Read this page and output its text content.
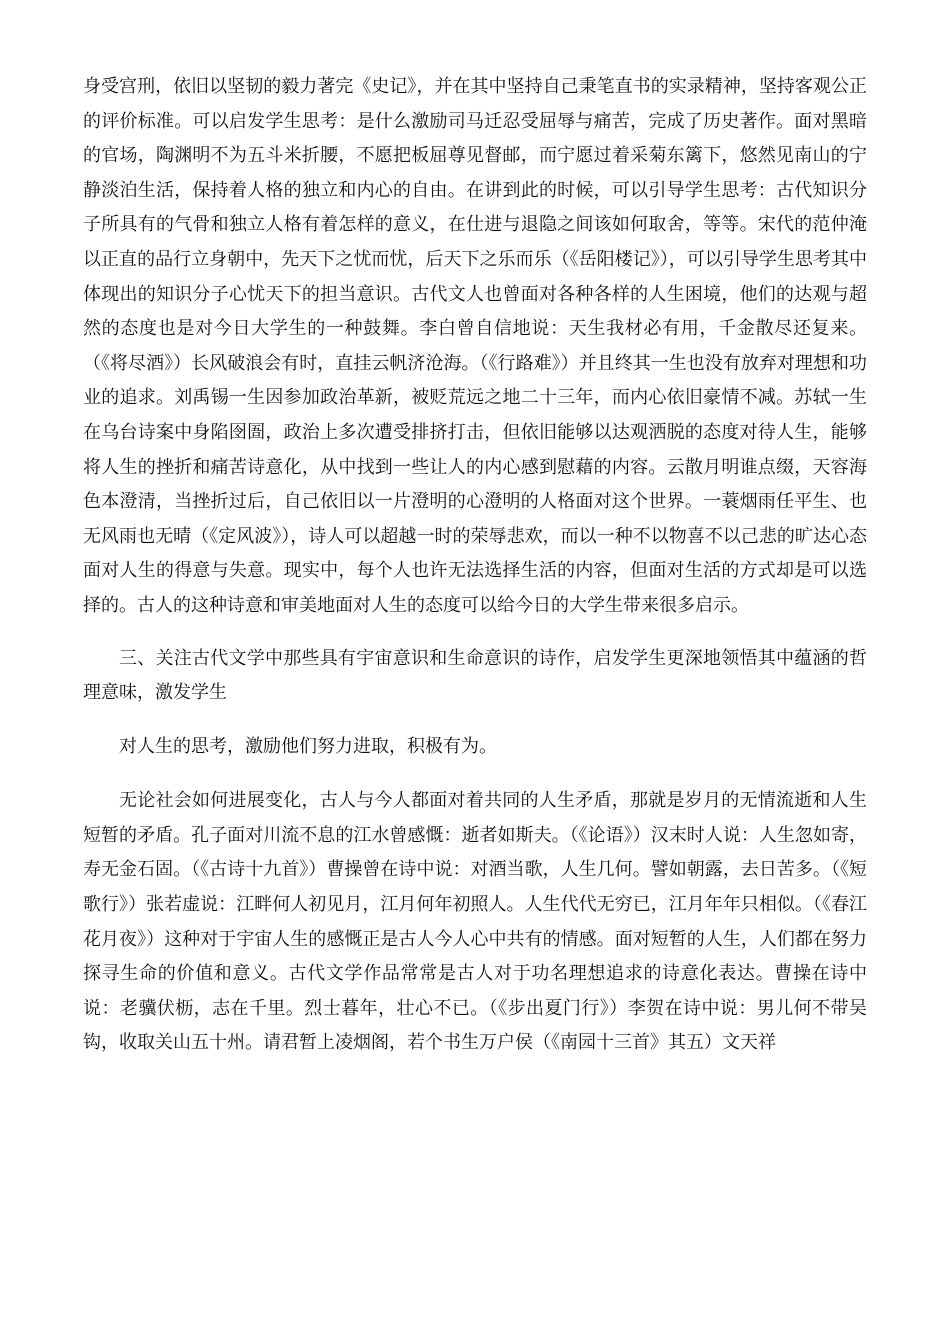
身受宫刑，依旧以坚韧的毅力著完《史记》，并在其中坚持自己秉笔直书的实录精神，坚持客观公正的评价标准。可以启发学生思考：是什么激励司马迁忍受屈辱与痛苦，完成了历史著作。面对黑暗的官场，陶渊明不为五斗米折腰，不愿把板屈尊见督邮，而宁愿过着采菊东篱下，悠然见南山的宁静淡泊生活，保持着人格的独立和内心的自由。在讲到此的时候，可以引导学生思考：古代知识分子所具有的气骨和独立人格有着怎样的意义，在仕进与退隐之间该如何取舍，等等。宋代的范仲淹以正直的品行立身朝中，先天下之忧而忧，后天下之乐而乐（《岳阳楼记》），可以引导学生思考其中体现出的知识分子心忧天下的担当意识。古代文人也曾面对各种各样的人生困境，他们的达观与超然的态度也是对今日大学生的一种鼓舞。李白曾自信地说：天生我材必有用，千金散尽还复来。（《将尽酒》）长风破浪会有时，直挂云帆济沧海。（《行路难》）并且终其一生也没有放弃对理想和功业的追求。刘禹锡一生因参加政治革新，被贬荒远之地二十三年，而内心依旧豪情不减。苏轼一生在乌台诗案中身陷囹圄，政治上多次遭受排挤打击，但依旧能够以达观洒脱的态度对待人生，能够将人生的挫折和痛苦诗意化，从中找到一些让人的内心感到慰藉的内容。云散月明谁点缀，天容海色本澄清，当挫折过后，自己依旧以一片澄明的心澄明的人格面对这个世界。一蓑烟雨任平生、也无风雨也无晴（《定风波》），诗人可以超越一时的荣辱悲欢，而以一种不以物喜不以己悲的旷达心态面对人生的得意与失意。现实中，每个人也许无法选择生活的内容，但面对生活的方式却是可以选择的。古人的这种诗意和审美地面对人生的态度可以给今日的大学生带来很多启示。

三、关注古代文学中那些具有宇宙意识和生命意识的诗作，启发学生更深地领悟其中蕴涵的哲理意味，激发学生

对人生的思考，激励他们努力进取，积极有为。

无论社会如何进展变化，古人与今人都面对着共同的人生矛盾，那就是岁月的无情流逝和人生短暂的矛盾。孔子面对川流不息的江水曾感慨：逝者如斯夫。（《论语》）汉末时人说：人生忽如寄，寿无金石固。（《古诗十九首》）曹操曾在诗中说：对酒当歌，人生几何。譬如朝露，去日苦多。（《短歌行》）张若虚说：江畔何人初见月，江月何年初照人。人生代代无穷已，江月年年只相似。（《春江花月夜》）这种对于宇宙人生的感慨正是古人今人心中共有的情感。面对短暂的人生，人们都在努力探寻生命的价值和意义。古代文学作品常常是古人对于功名理想追求的诗意化表达。曹操在诗中说：老骥伏枥，志在千里。烈士暮年，壮心不已。（《步出夏门行》）李贺在诗中说：男儿何不带吴钩，收取关山五十州。请君暂上凌烟阁，若个书生万户侯（《南园十三首》其五）文天祥
